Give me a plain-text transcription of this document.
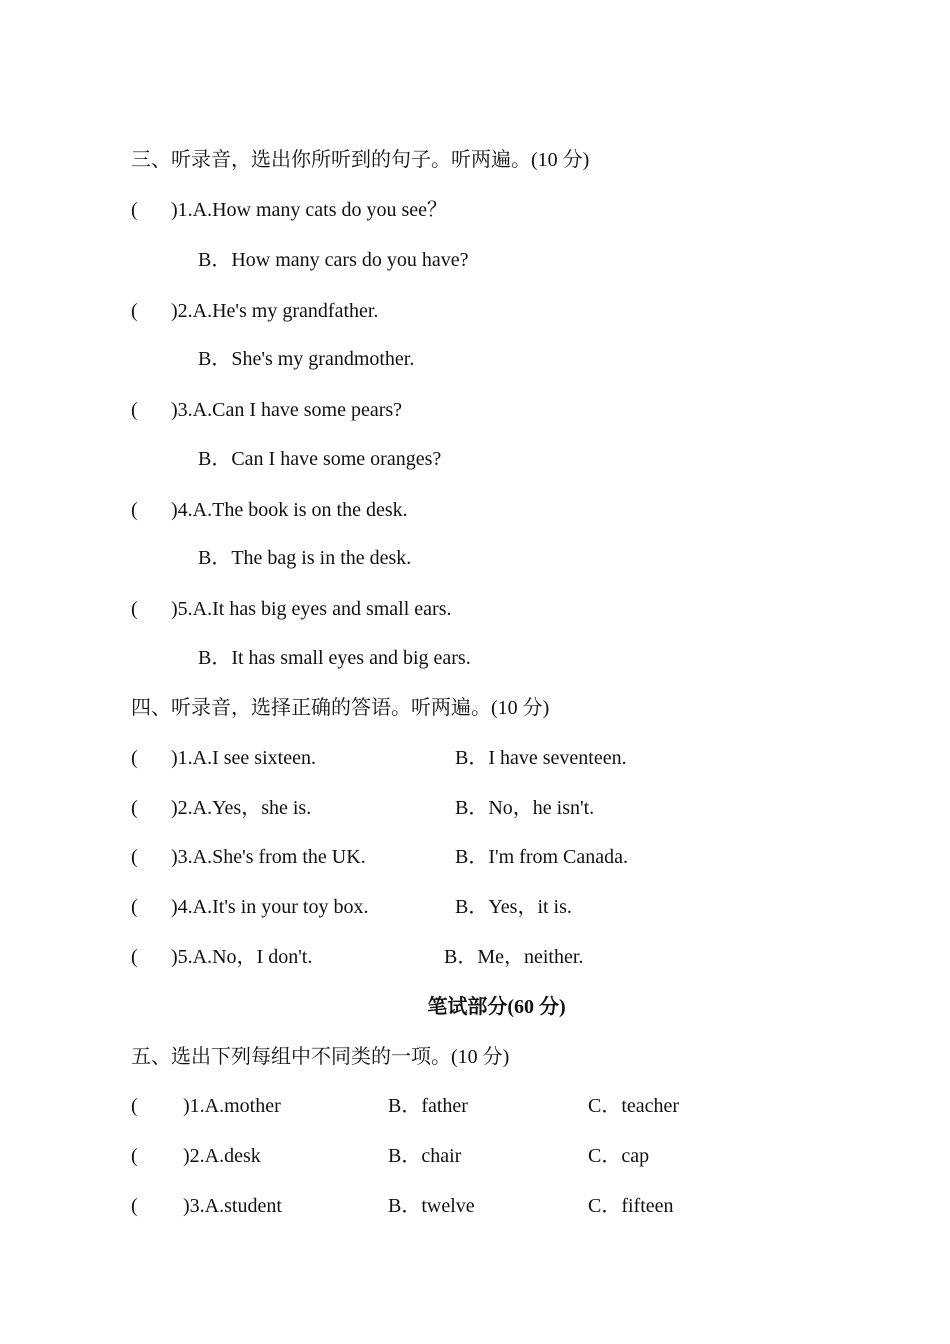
三、听录音，选出你所听到的句子。听两遍。(10 分)
( )1.A.How many cats do you see？
B．How many cars do you have?
( )2.A.He's my grandfather.
B．She's my grandmother.
( )3.A.Can I have some pears?
B．Can I have some oranges?
( )4.A.The book is on the desk.
B．The bag is in the desk.
( )5.A.It has big eyes and small ears.
B．It has small eyes and big ears.
四、听录音，选择正确的答语。听两遍。(10 分)
( )1.A.I see sixteen.	B．I have seventeen.
( )2.A.Yes，she is.	B．No，he isn't.
( )3.A.She's from the UK.	B．I'm from Canada.
( )4.A.It's in your toy box.	B．Yes，it is.
( )5.A.No，I don't.	B．Me，neither.
笔试部分(60 分)
五、选出下列每组中不同类的一项。(10 分)
( )1.A.mother	B．father	C．teacher
( )2.A.desk	B．chair	C．cap
( )3.A.student	B．twelve	C．fifteen
